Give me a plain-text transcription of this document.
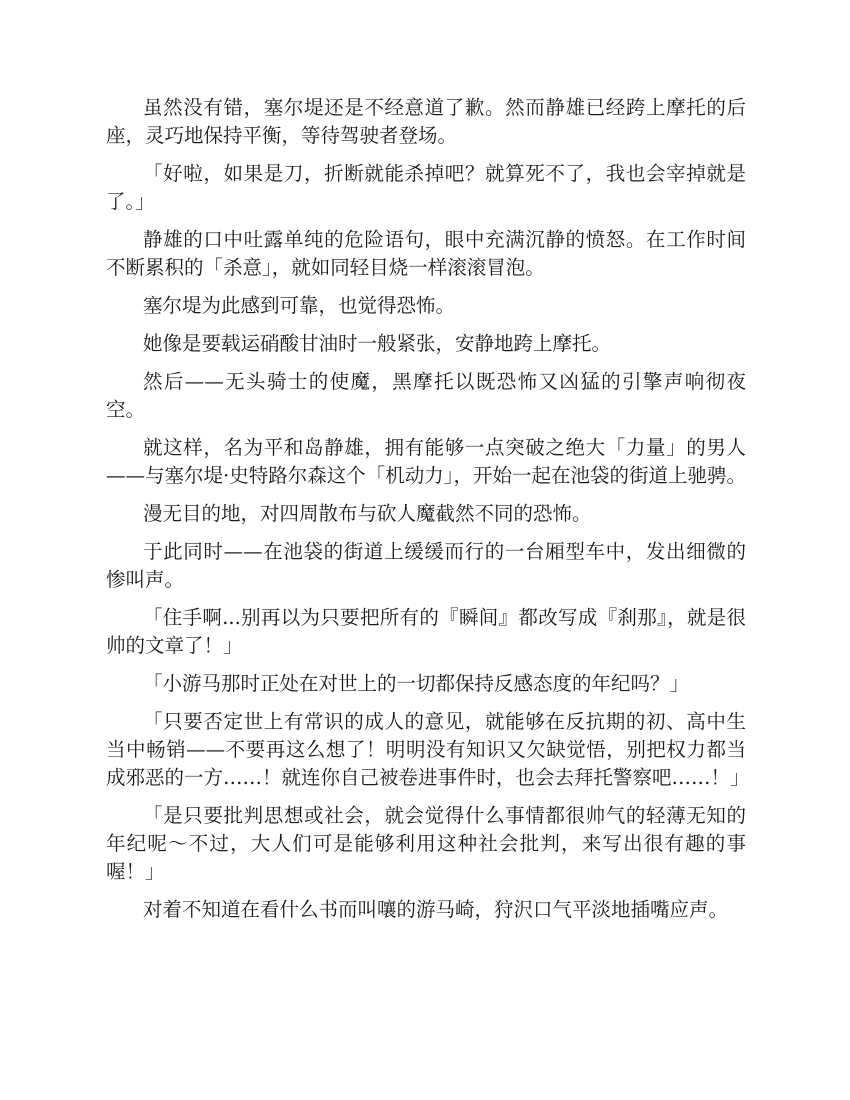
虽然没有错，塞尔堤还是不经意道了歉。然而静雄已经跨上摩托的后座，灵巧地保持平衡，等待驾驶者登场。

「好啦，如果是刀，折断就能杀掉吧？就算死不了，我也会宰掉就是了。」

静雄的口中吐露单纯的危险语句，眼中充满沉静的愤怒。在工作时间不断累积的「杀意」，就如同轻目烧一样滚滚冒泡。

塞尔堤为此感到可靠，也觉得恐怖。

她像是要载运硝酸甘油时一般紧张，安静地跨上摩托。

然后——无头骑士的使魔，黑摩托以既恐怖又凶猛的引擎声响彻夜空。

就这样，名为平和岛静雄，拥有能够一点突破之绝大「力量」的男人——与塞尔堤·史特路尔森这个「机动力」，开始一起在池袋的街道上驰骋。

漫无目的地，对四周散布与砍人魔截然不同的恐怖。

于此同时——在池袋的街道上缓缓而行的一台厢型车中，发出细微的惨叫声。

「住手啊...别再以为只要把所有的『瞬间』都改写成『刹那』，就是很帅的文章了！」

「小游马那时正处在对世上的一切都保持反感态度的年纪吗？」

「只要否定世上有常识的成人的意见，就能够在反抗期的初、高中生当中畅销——不要再这么想了！明明没有知识又欠缺觉悟，别把权力都当成邪恶的一方……！就连你自己被卷进事件时，也会去拜托警察吧……！」

「是只要批判思想或社会，就会觉得什么事情都很帅气的轻薄无知的年纪呢～不过，大人们可是能够利用这种社会批判，来写出很有趣的事喔！」

对着不知道在看什么书而叫嚷的游马崎，狩沢口气平淡地插嘴应声。
